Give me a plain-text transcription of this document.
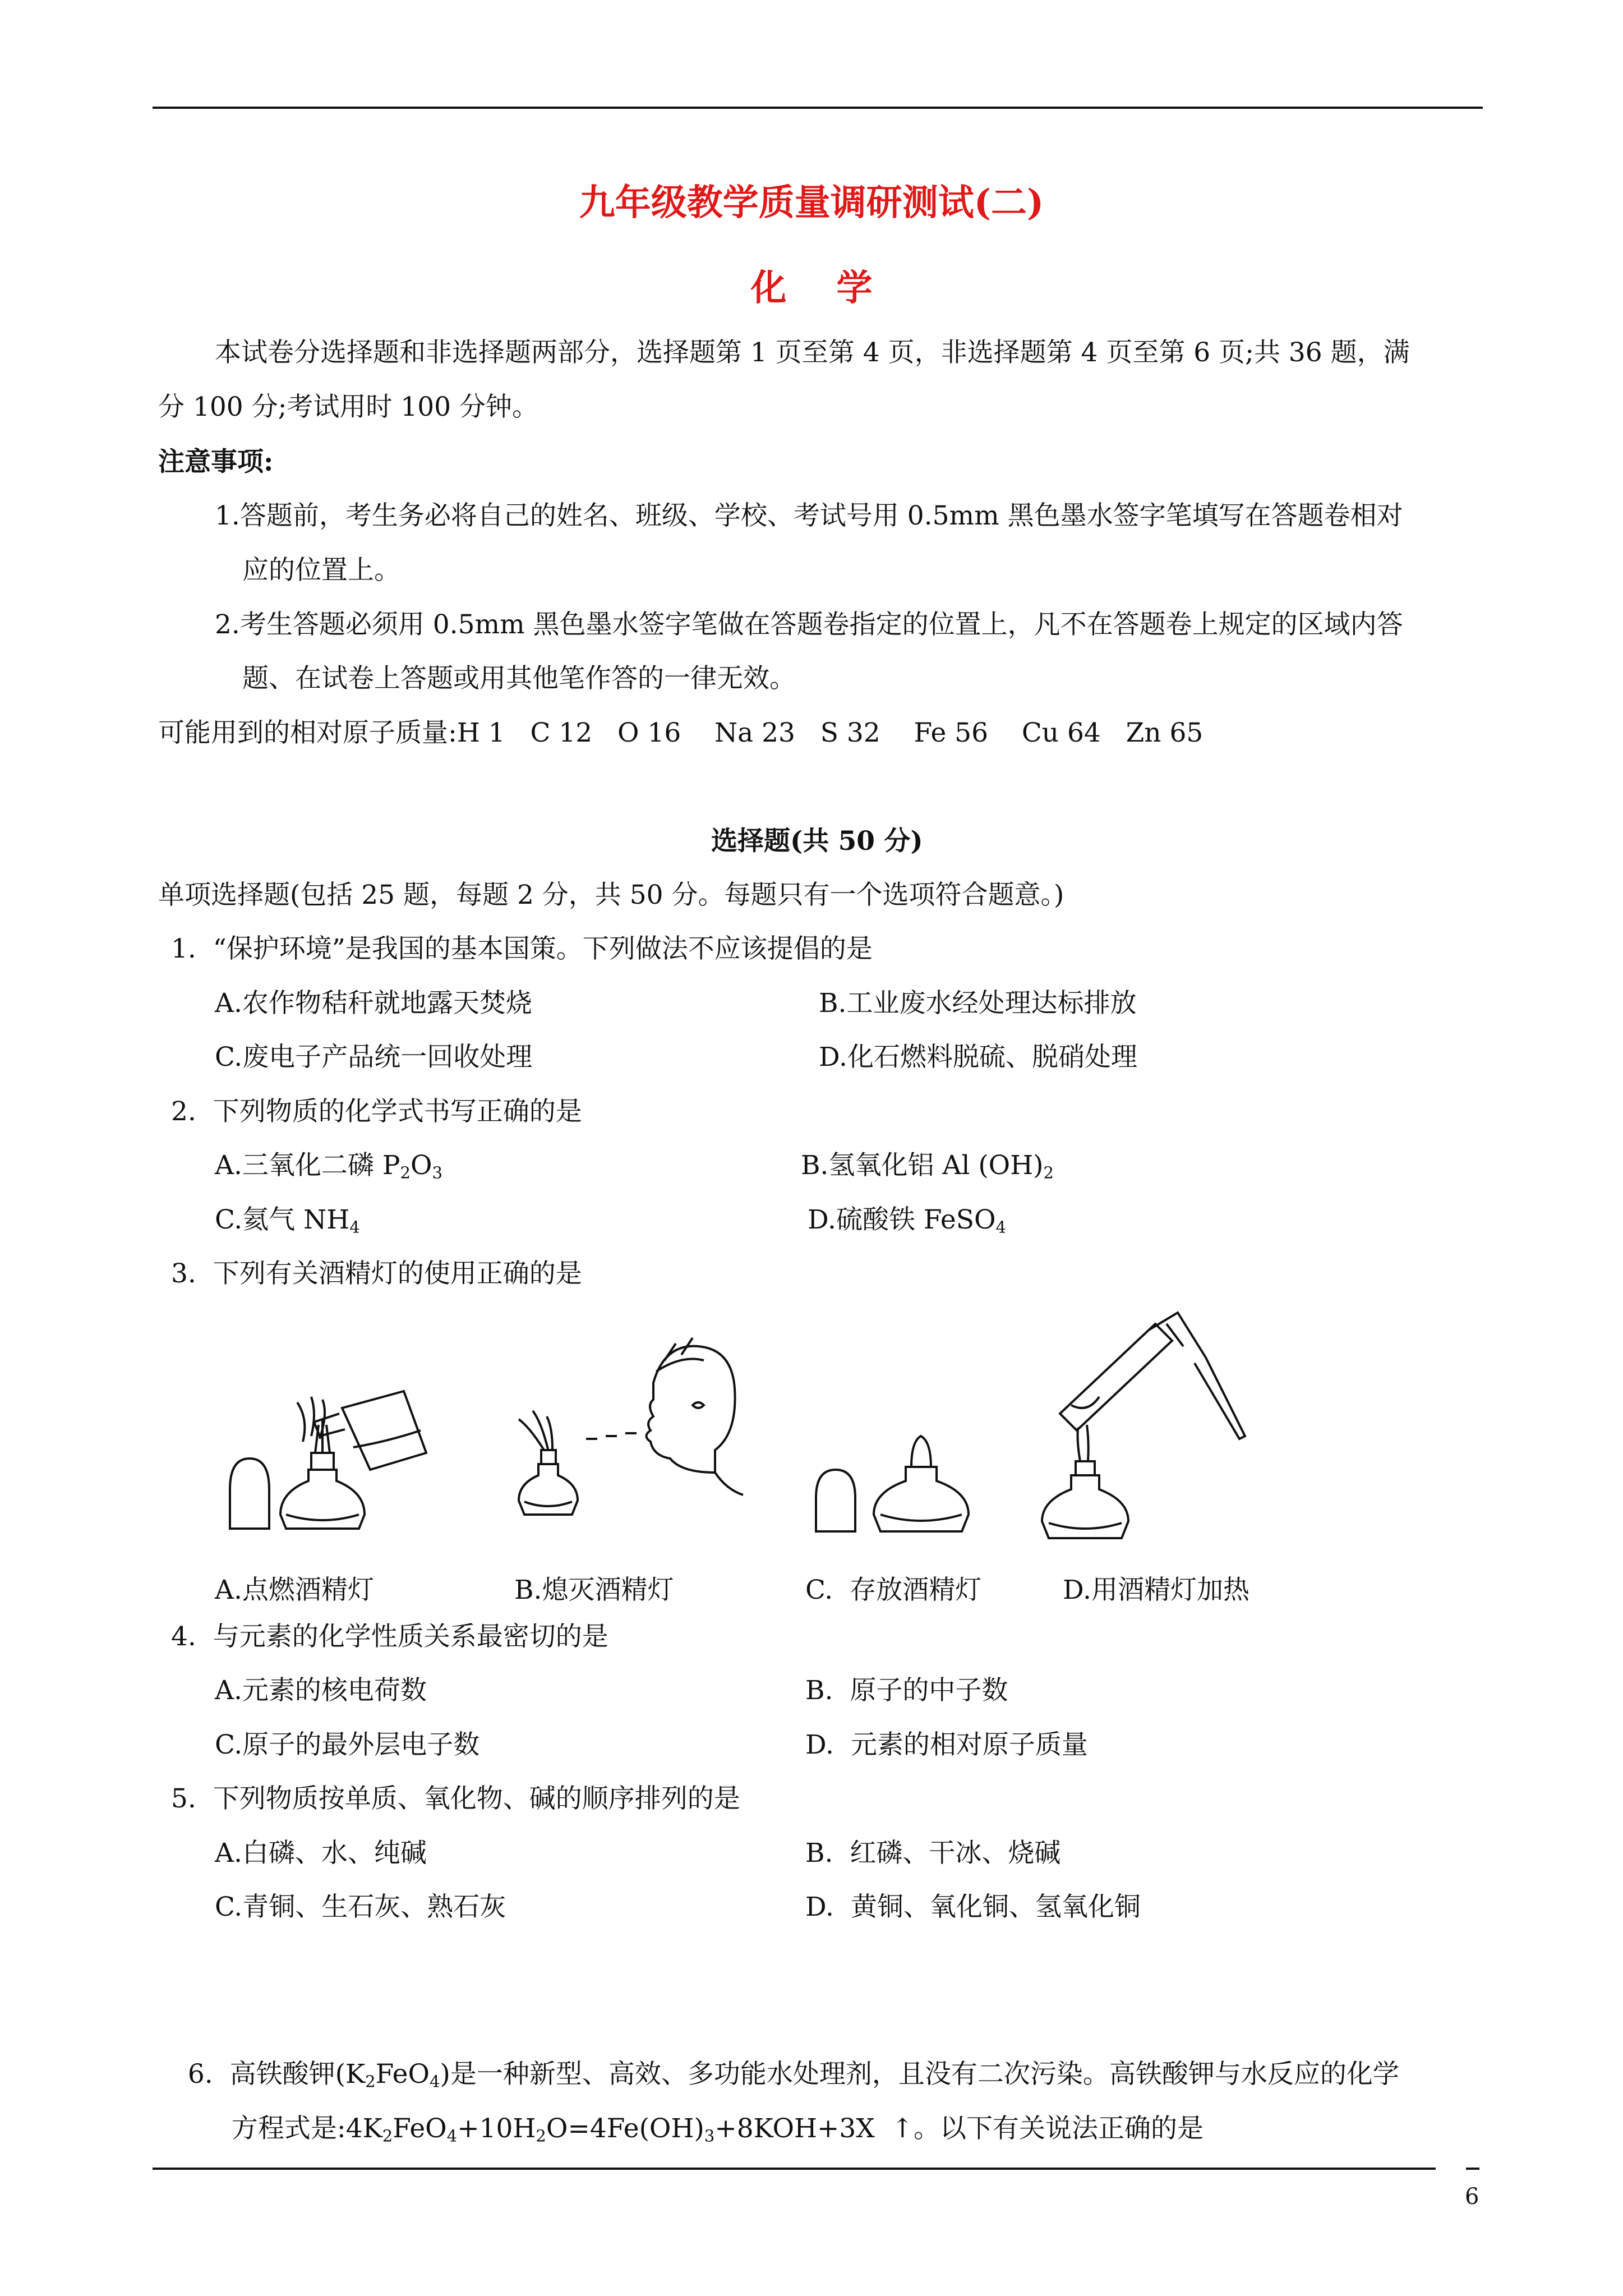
九年级教学质量调研测试(二)
化    学
本试卷分选择题和非选择题两部分，选择题第 1 页至第 4 页，非选择题第 4 页至第 6 页;共 36 题，满
分 100 分;考试用时 100 分钟。
注意事项:
1.答题前，考生务必将自己的姓名、班级、学校、考试号用 0.5mm 黑色墨水签字笔填写在答题卷相对
应的位置上。
2.考生答题必须用 0.5mm 黑色墨水签字笔做在答题卷指定的位置上，凡不在答题卷上规定的区域内答
题、在试卷上答题或用其他笔作答的一律无效。
可能用到的相对原子质量:H 1   C 12   O 16    Na 23   S 32    Fe 56    Cu 64   Zn 65
选择题(共 50 分)
单项选择题(包括 25 题，每题 2 分，共 50 分。每题只有一个选项符合题意。)
1.  “保护环境”是我国的基本国策。下列做法不应该提倡的是
A.农作物秸秆就地露天焚烧	B.工业废水经处理达标排放
C.废电子产品统一回收处理	D.化石燃料脱硫、脱硝处理
2.  下列物质的化学式书写正确的是
A.三氧化二磷 $P_2O_3$	B.氢氧化铝 Al $(OH)_2$
C.氦气 $NH_4$	D.硫酸铁 FeSO$_4$
3.  下列有关酒精灯的使用正确的是
A.点燃酒精灯	B.熄灭酒精灯	C.  存放酒精灯	D.用酒精灯加热
4.  与元素的化学性质关系最密切的是
A.元素的核电荷数	B.  原子的中子数
C.原子的最外层电子数	D.  元素的相对原子质量
5.  下列物质按单质、氧化物、碱的顺序排列的是
A.白磷、水、纯碱	B.  红磷、干冰、烧碱
C.青铜、生石灰、熟石灰	D.  黄铜、氧化铜、氢氧化铜

6.  高铁酸钾$(K_2FeO_4)$是一种新型、高效、多功能水处理剂，且没有二次污染。高铁酸钾与水反应的化学

方程式是$:4K_2FeO_4+10H_2O=4Fe(OH)_3+8KOH+3X$  ↑。以下有关说法正确的是

6
